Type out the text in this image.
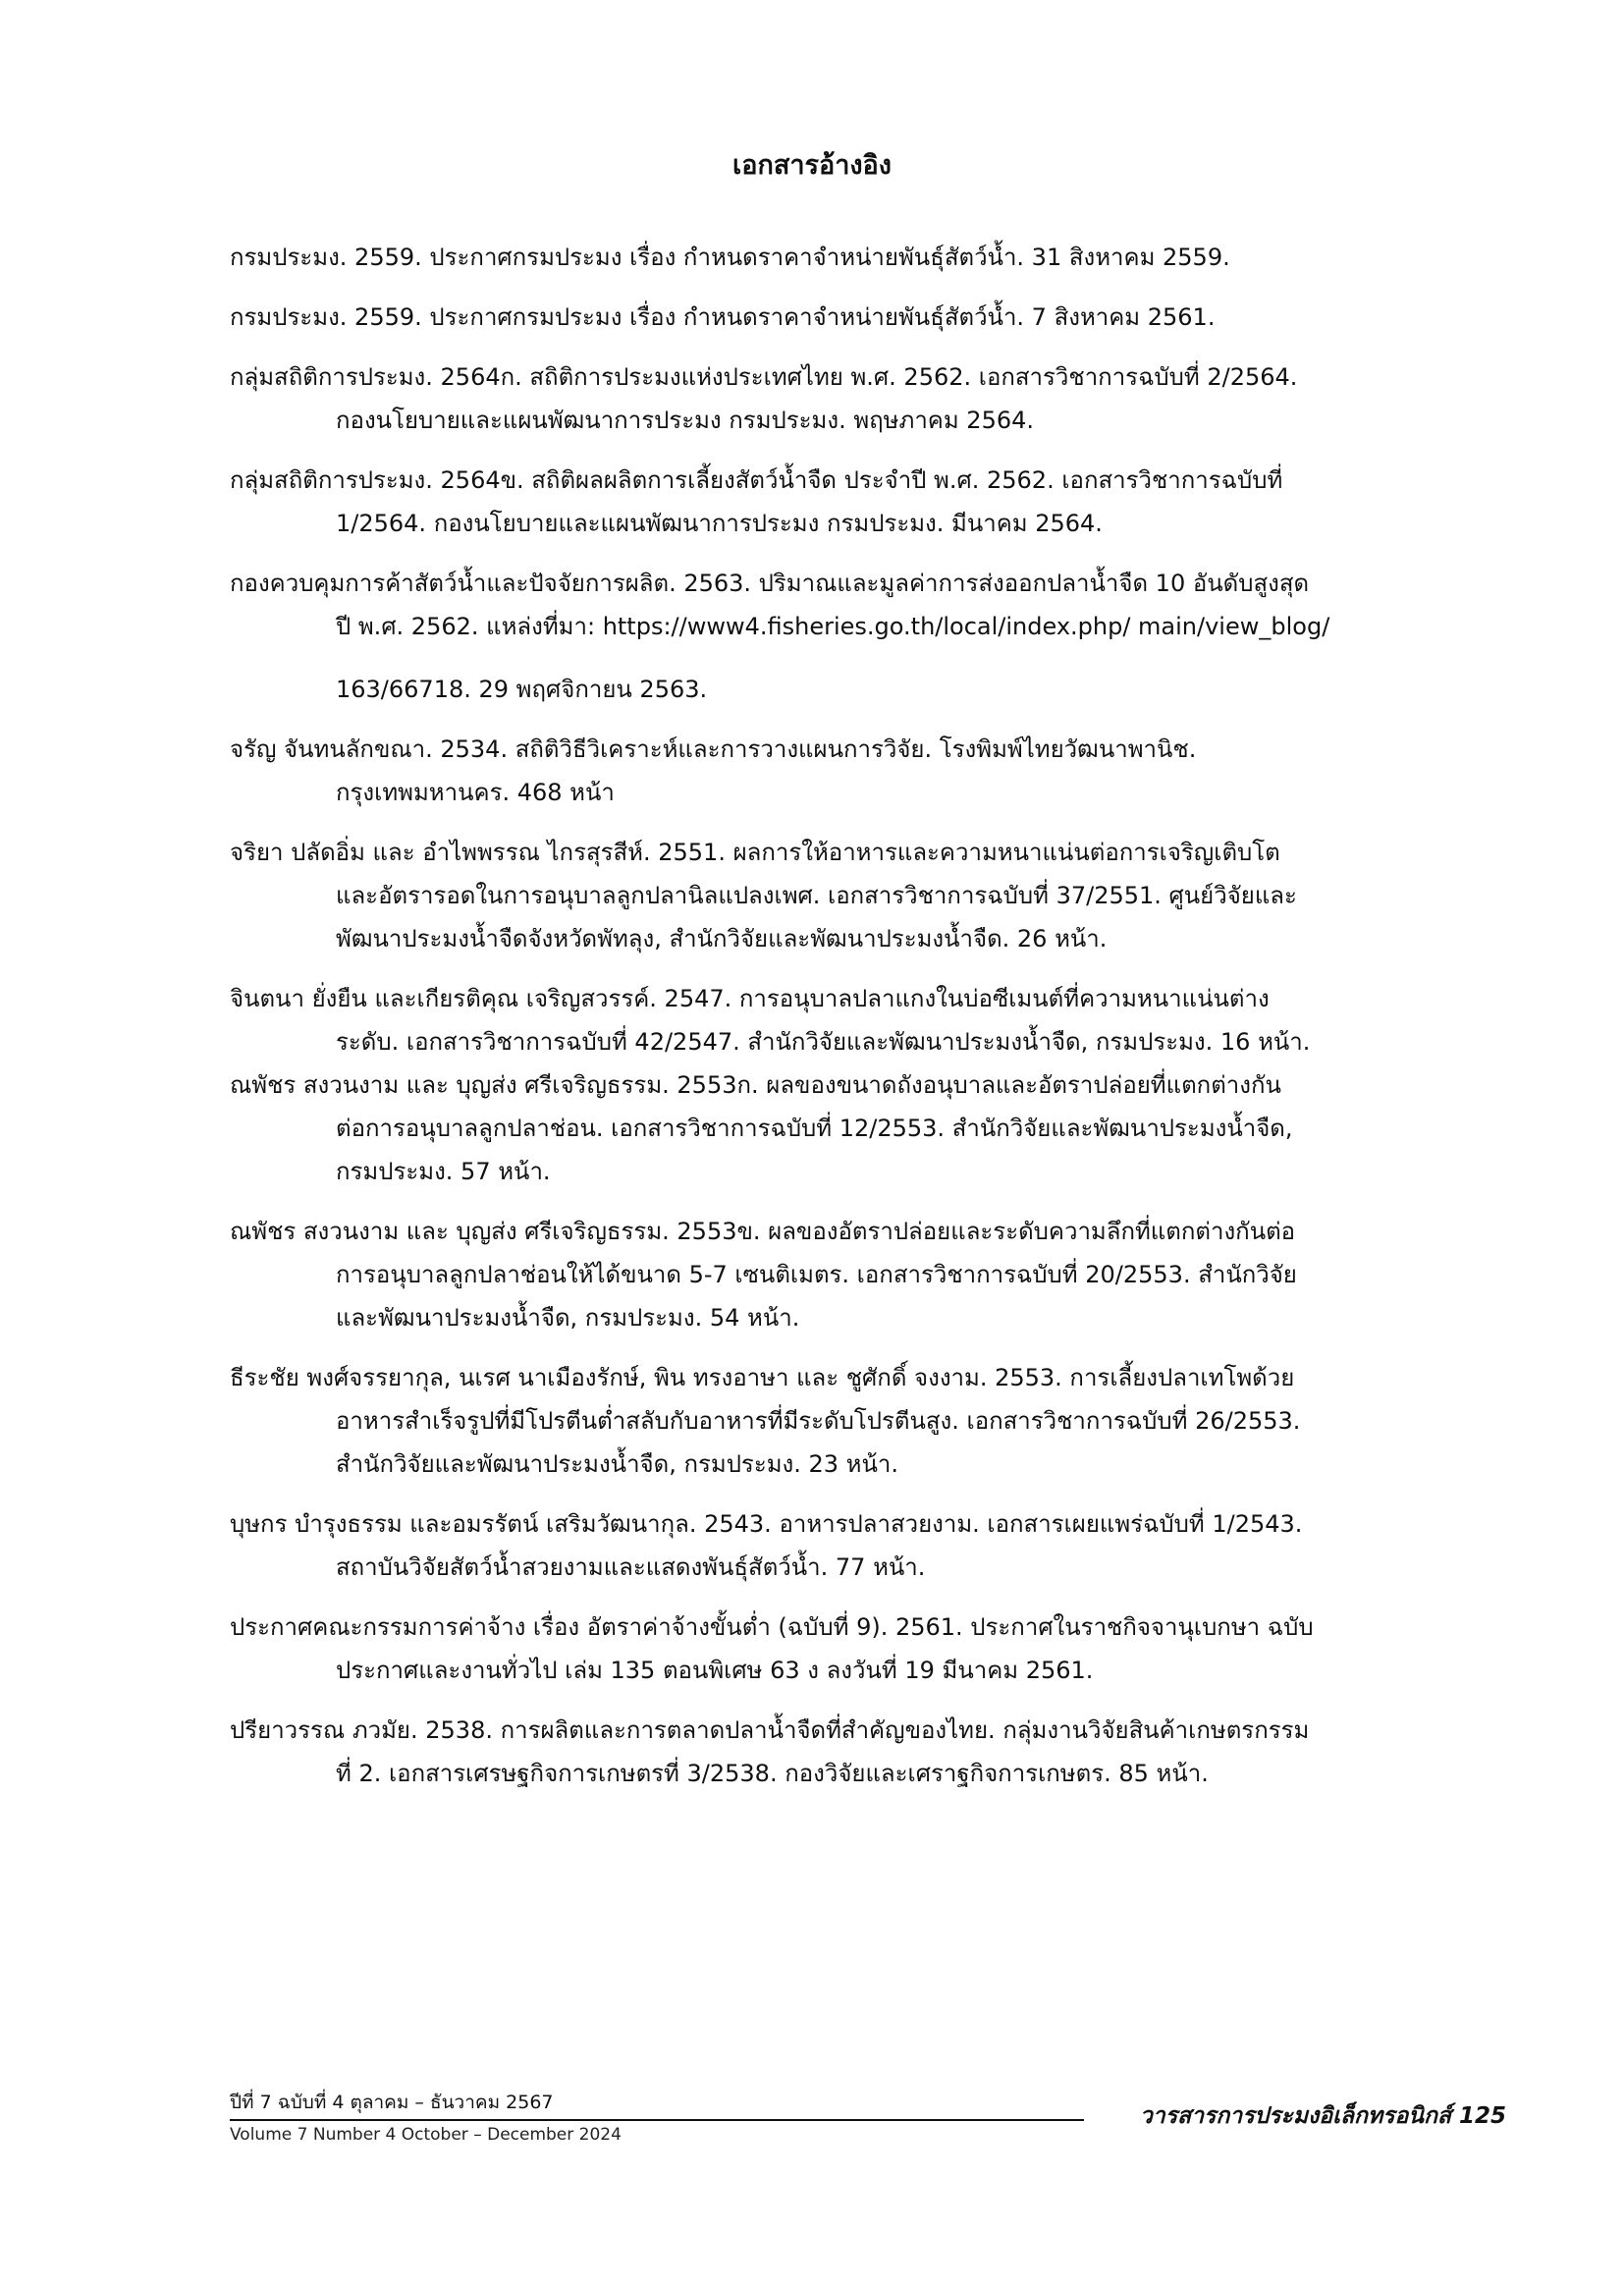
เอกสารอ้างอิง
กรมประมง. 2559. ประกาศกรมประมง เรื่อง กำหนดราคาจำหน่ายพันธุ์สัตว์น้ำ. 31 สิงหาคม 2559.
กรมประมง. 2559. ประกาศกรมประมง เรื่อง กำหนดราคาจำหน่ายพันธุ์สัตว์น้ำ. 7 สิงหาคม 2561.
กลุ่มสถิติการประมง. 2564ก. สถิติการประมงแห่งประเทศไทย พ.ศ. 2562. เอกสารวิชาการฉบับที่ 2/2564.
กองนโยบายและแผนพัฒนาการประมง กรมประมง. พฤษภาคม 2564.
กลุ่มสถิติการประมง. 2564ข. สถิติผลผลิตการเลี้ยงสัตว์น้ำจืด ประจำปี พ.ศ. 2562. เอกสารวิชาการฉบับที่
1/2564. กองนโยบายและแผนพัฒนาการประมง กรมประมง. มีนาคม 2564.
กองควบคุมการค้าสัตว์น้ำและปัจจัยการผลิต. 2563. ปริมาณและมูลค่าการส่งออกปลาน้ำจืด 10 อันดับสูงสุด
ปี พ.ศ. 2562. แหล่งที่มา: https://www4.fisheries.go.th/local/index.php/ main/view_blog/
163/66718. 29 พฤศจิกายน 2563.
จรัญ จันทนลักขณา. 2534. สถิติวิธีวิเคราะห์และการวางแผนการวิจัย. โรงพิมพ์ไทยวัฒนาพานิช.
กรุงเทพมหานคร. 468 หน้า
จริยา ปลัดอิ่ม และ อำไพพรรณ ไกรสุรสีห์. 2551. ผลการให้อาหารและความหนาแน่นต่อการเจริญเติบโต
และอัตรารอดในการอนุบาลลูกปลานิลแปลงเพศ. เอกสารวิชาการฉบับที่ 37/2551. ศูนย์วิจัยและ
พัฒนาประมงน้ำจืดจังหวัดพัทลุง, สำนักวิจัยและพัฒนาประมงน้ำจืด. 26 หน้า.
จินตนา ยั่งยืน และเกียรติคุณ เจริญสวรรค์. 2547. การอนุบาลปลาแกงในบ่อซีเมนต์ที่ความหนาแน่นต่าง
ระดับ. เอกสารวิชาการฉบับที่ 42/2547. สำนักวิจัยและพัฒนาประมงน้ำจืด, กรมประมง. 16 หน้า.
ณพัชร สงวนงาม และ บุญส่ง ศรีเจริญธรรม. 2553ก. ผลของขนาดถังอนุบาลและอัตราปล่อยที่แตกต่างกัน
ต่อการอนุบาลลูกปลาช่อน. เอกสารวิชาการฉบับที่ 12/2553. สำนักวิจัยและพัฒนาประมงน้ำจืด,
กรมประมง. 57 หน้า.
ณพัชร สงวนงาม และ บุญส่ง ศรีเจริญธรรม. 2553ข. ผลของอัตราปล่อยและระดับความลึกที่แตกต่างกันต่อ
การอนุบาลลูกปลาช่อนให้ได้ขนาด 5-7 เซนติเมตร. เอกสารวิชาการฉบับที่ 20/2553. สำนักวิจัย
และพัฒนาประมงน้ำจืด, กรมประมง. 54 หน้า.
ธีระชัย พงศ์จรรยากุล, นเรศ นาเมืองรักษ์, พิน ทรงอาษา และ ชูศักดิ์ จงงาม. 2553. การเลี้ยงปลาเทโพด้วย
อาหารสำเร็จรูปที่มีโปรตีนต่ำสลับกับอาหารที่มีระดับโปรตีนสูง. เอกสารวิชาการฉบับที่ 26/2553.
สำนักวิจัยและพัฒนาประมงน้ำจืด, กรมประมง. 23 หน้า.
บุษกร บำรุงธรรม และอมรรัตน์ เสริมวัฒนากุล. 2543. อาหารปลาสวยงาม. เอกสารเผยแพร่ฉบับที่ 1/2543.
สถาบันวิจัยสัตว์น้ำสวยงามและแสดงพันธุ์สัตว์น้ำ. 77 หน้า.
ประกาศคณะกรรมการค่าจ้าง เรื่อง อัตราค่าจ้างขั้นต่ำ (ฉบับที่ 9). 2561. ประกาศในราชกิจจานุเบกษา ฉบับ
ประกาศและงานทั่วไป เล่ม 135 ตอนพิเศษ 63 ง ลงวันที่ 19 มีนาคม 2561.
ปรียาวรรณ ภวมัย. 2538. การผลิตและการตลาดปลาน้ำจืดที่สำคัญของไทย. กลุ่มงานวิจัยสินค้าเกษตรกรรม
ที่ 2. เอกสารเศรษฐกิจการเกษตรที่ 3/2538. กองวิจัยและเศราฐกิจการเกษตร. 85 หน้า.
ปีที่ 7 ฉบับที่ 4 ตุลาคม – ธันวาคม 2567
Volume 7 Number 4 October – December 2024
วารสารการประมงอิเล็กทรอนิกส์ 125
